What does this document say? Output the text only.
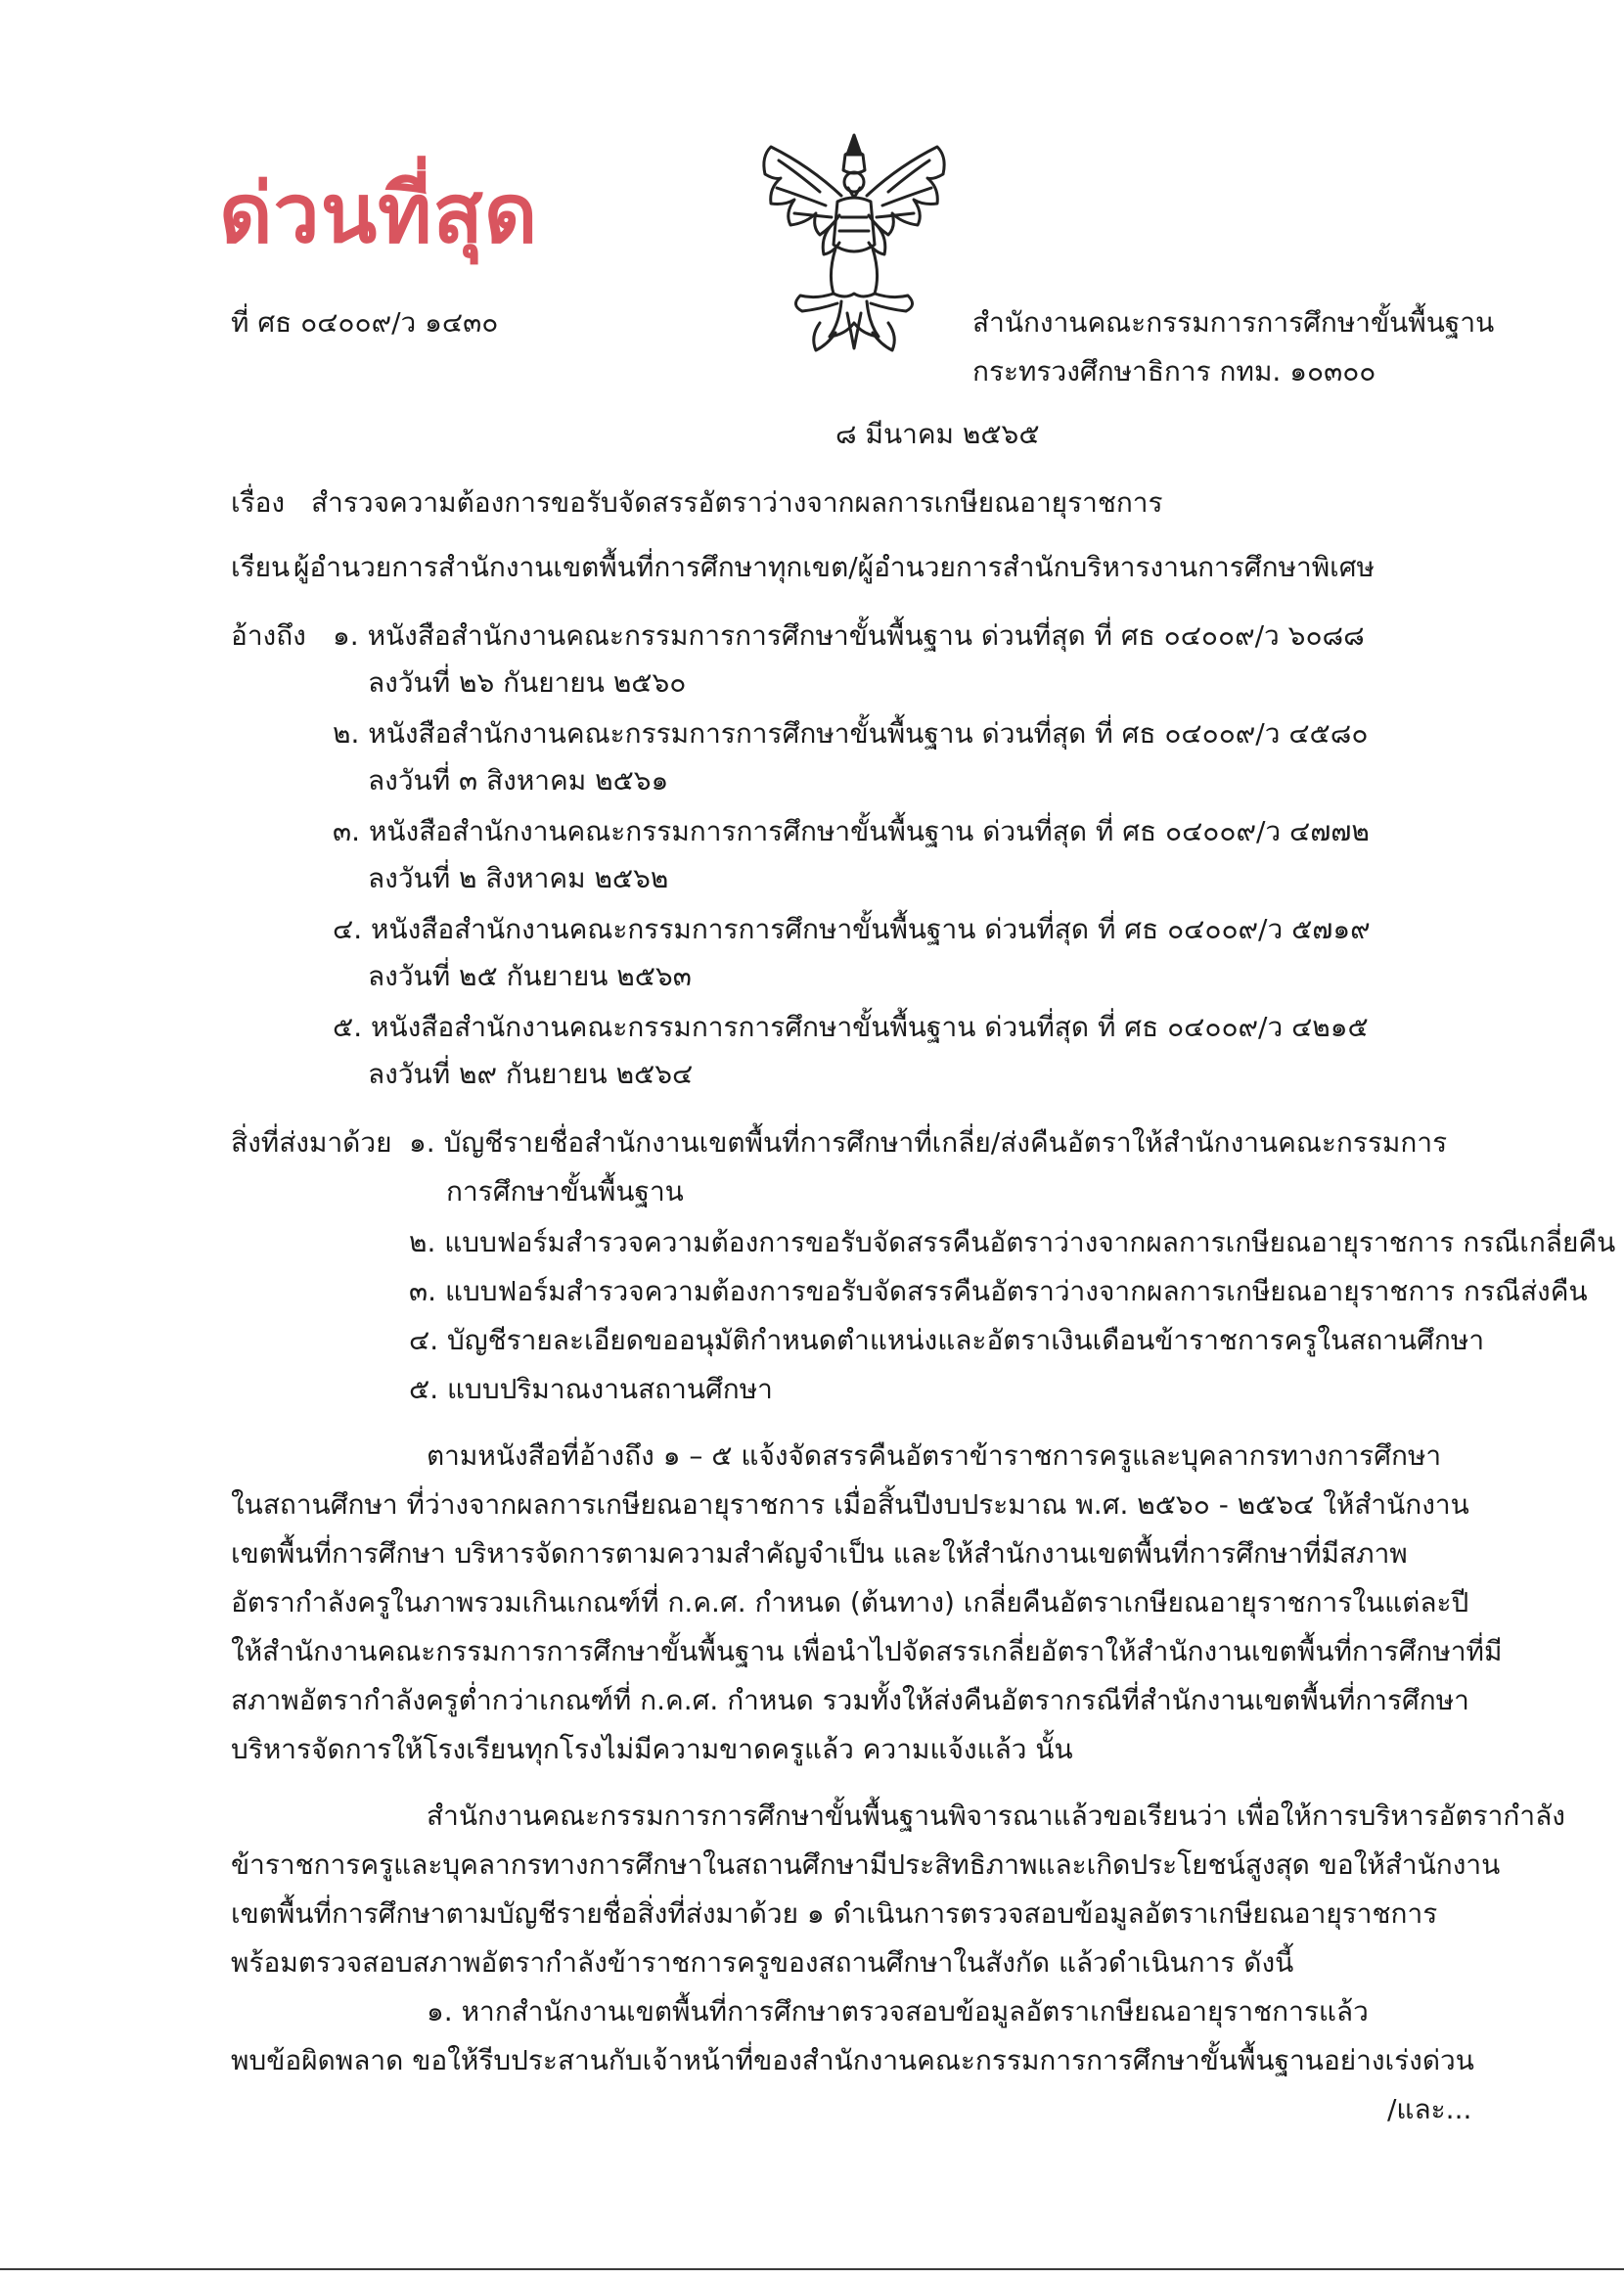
ด่วนที่สุด
ที่ ศธ ๐๔๐๐๙/ว ๑๔๓๐	สำนักงานคณะกรรมการการศึกษาขั้นพื้นฐาน
กระทรวงศึกษาธิการ กทม. ๑๐๓๐๐
๘ มีนาคม ๒๕๖๕
เรื่อง สำรวจความต้องการขอรับจัดสรรอัตราว่างจากผลการเกษียณอายุราชการ
เรียน ผู้อำนวยการสำนักงานเขตพื้นที่การศึกษาทุกเขต/ผู้อำนวยการสำนักบริหารงานการศึกษาพิเศษ
อ้างถึง ๑. หนังสือสำนักงานคณะกรรมการการศึกษาขั้นพื้นฐาน ด่วนที่สุด ที่ ศธ ๐๔๐๐๙/ว ๖๐๘๘
ลงวันที่ ๒๖ กันยายน ๒๕๖๐
๒. หนังสือสำนักงานคณะกรรมการการศึกษาขั้นพื้นฐาน ด่วนที่สุด ที่ ศธ ๐๔๐๐๙/ว ๔๕๘๐
ลงวันที่ ๓ สิงหาคม ๒๕๖๑
๓. หนังสือสำนักงานคณะกรรมการการศึกษาขั้นพื้นฐาน ด่วนที่สุด ที่ ศธ ๐๔๐๐๙/ว ๔๗๗๒
ลงวันที่ ๒ สิงหาคม ๒๕๖๒
๔. หนังสือสำนักงานคณะกรรมการการศึกษาขั้นพื้นฐาน ด่วนที่สุด ที่ ศธ ๐๔๐๐๙/ว ๕๗๑๙
ลงวันที่ ๒๕ กันยายน ๒๕๖๓
๕. หนังสือสำนักงานคณะกรรมการการศึกษาขั้นพื้นฐาน ด่วนที่สุด ที่ ศธ ๐๔๐๐๙/ว ๔๒๑๕
ลงวันที่ ๒๙ กันยายน ๒๕๖๔
สิ่งที่ส่งมาด้วย ๑. บัญชีรายชื่อสำนักงานเขตพื้นที่การศึกษาที่เกลี่ย/ส่งคืนอัตราให้สำนักงานคณะกรรมการ
การศึกษาขั้นพื้นฐาน
๒. แบบฟอร์มสำรวจความต้องการขอรับจัดสรรคืนอัตราว่างจากผลการเกษียณอายุราชการ กรณีเกลี่ยคืน
๓. แบบฟอร์มสำรวจความต้องการขอรับจัดสรรคืนอัตราว่างจากผลการเกษียณอายุราชการ กรณีส่งคืน
๔. บัญชีรายละเอียดขออนุมัติกำหนดตำแหน่งและอัตราเงินเดือนข้าราชการครูในสถานศึกษา
๕. แบบปริมาณงานสถานศึกษา
ตามหนังสือที่อ้างถึง ๑ – ๕ แจ้งจัดสรรคืนอัตราข้าราชการครูและบุคลากรทางการศึกษา
ในสถานศึกษา ที่ว่างจากผลการเกษียณอายุราชการ เมื่อสิ้นปีงบประมาณ พ.ศ. ๒๕๖๐ - ๒๕๖๔ ให้สำนักงาน
เขตพื้นที่การศึกษา บริหารจัดการตามความสำคัญจำเป็น และให้สำนักงานเขตพื้นที่การศึกษาที่มีสภาพ
อัตรากำลังครูในภาพรวมเกินเกณฑ์ที่ ก.ค.ศ. กำหนด (ต้นทาง) เกลี่ยคืนอัตราเกษียณอายุราชการในแต่ละปี
ให้สำนักงานคณะกรรมการการศึกษาขั้นพื้นฐาน เพื่อนำไปจัดสรรเกลี่ยอัตราให้สำนักงานเขตพื้นที่การศึกษาที่มี
สภาพอัตรากำลังครูต่ำกว่าเกณฑ์ที่ ก.ค.ศ. กำหนด รวมทั้งให้ส่งคืนอัตรากรณีที่สำนักงานเขตพื้นที่การศึกษา
บริหารจัดการให้โรงเรียนทุกโรงไม่มีความขาดครูแล้ว ความแจ้งแล้ว นั้น
สำนักงานคณะกรรมการการศึกษาขั้นพื้นฐานพิจารณาแล้วขอเรียนว่า เพื่อให้การบริหารอัตรากำลัง
ข้าราชการครูและบุคลากรทางการศึกษาในสถานศึกษามีประสิทธิภาพและเกิดประโยชน์สูงสุด ขอให้สำนักงาน
เขตพื้นที่การศึกษาตามบัญชีรายชื่อสิ่งที่ส่งมาด้วย ๑ ดำเนินการตรวจสอบข้อมูลอัตราเกษียณอายุราชการ
พร้อมตรวจสอบสภาพอัตรากำลังข้าราชการครูของสถานศึกษาในสังกัด แล้วดำเนินการ ดังนี้
๑. หากสำนักงานเขตพื้นที่การศึกษาตรวจสอบข้อมูลอัตราเกษียณอายุราชการแล้ว
พบข้อผิดพลาด ขอให้รีบประสานกับเจ้าหน้าที่ของสำนักงานคณะกรรมการการศึกษาขั้นพื้นฐานอย่างเร่งด่วน
/และ...
